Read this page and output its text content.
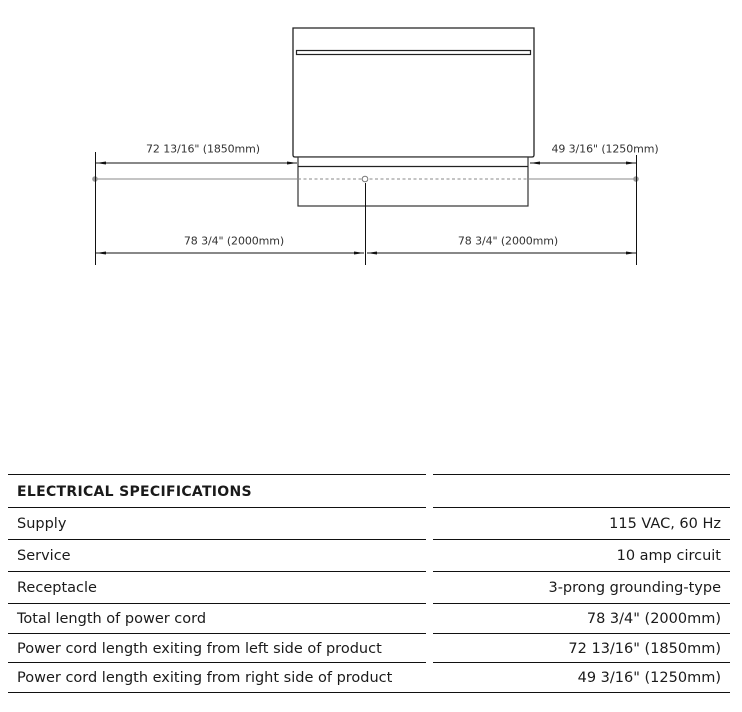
72 13/16" (1850mm)	49 3/16" (1250mm)
78 3/4" (2000mm)	78 3/4" (2000mm)
ELECTRICAL SPECIFICATIONS
Supply	115 VAC, 60 Hz
Service	10 amp circuit
Receptacle	3-prong grounding-type
Total length of power cord	78 3/4" (2000mm)
Power cord length exiting from left side of product	72 13/16" (1850mm)
Power cord length exiting from right side of product	49 3/16" (1250mm)
